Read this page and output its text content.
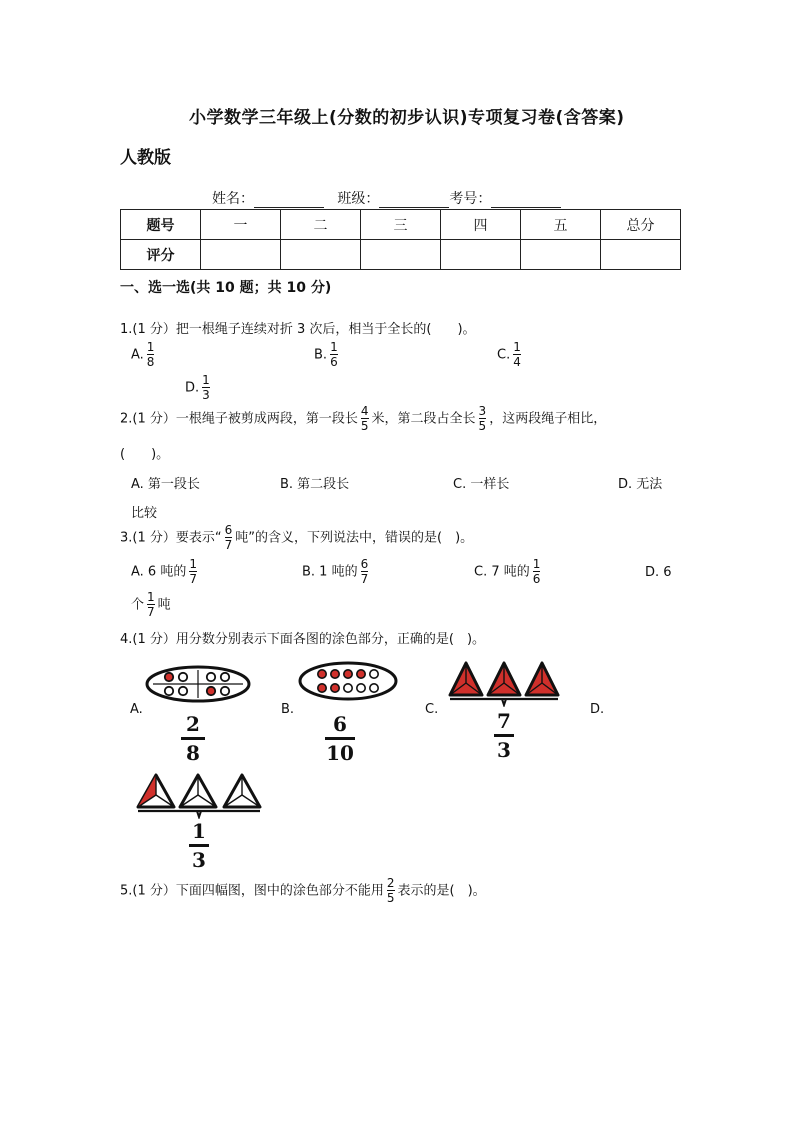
小学数学三年级上(分数的初步认识)专项复习卷(含答案)
人教版
姓名：	班级：	考号：
题号	一	二	三	四	五	总分
评分						
一、选一选(共 10 题；共 10 分)
1.(1 分）把一根绳子连续对折 3 次后，相当于全长的(　　)。
A. $\frac{1}{8}$	B. $\frac{1}{6}$	C. $\frac{1}{4}$
D. $\frac{1}{3}$
2.(1 分）一根绳子被剪成两段，第一段长 $\frac{4}{5}$ 米，第二段占全长 $\frac{3}{5}$ ，这两段绳子相比，
(　　)。
A. 第一段长	B. 第二段长	C. 一样长	D. 无法
比较
3.(1 分）要表示“ $\frac{6}{7}$ 吨”的含义，下列说法中，错误的是(　)。
A. 6 吨的 $\frac{1}{7}$	B. 1 吨的 $\frac{6}{7}$	C. 7 吨的 $\frac{1}{6}$	D. 6
个 $\frac{1}{7}$ 吨
4.(1 分）用分数分别表示下面各图的涂色部分，正确的是(　)。
A.
2
8
B.
6
10
C.	7
3
D.
1
3
5.(1 分）下面四幅图，图中的涂色部分不能用 $\frac{2}{5}$ 表示的是(　)。
